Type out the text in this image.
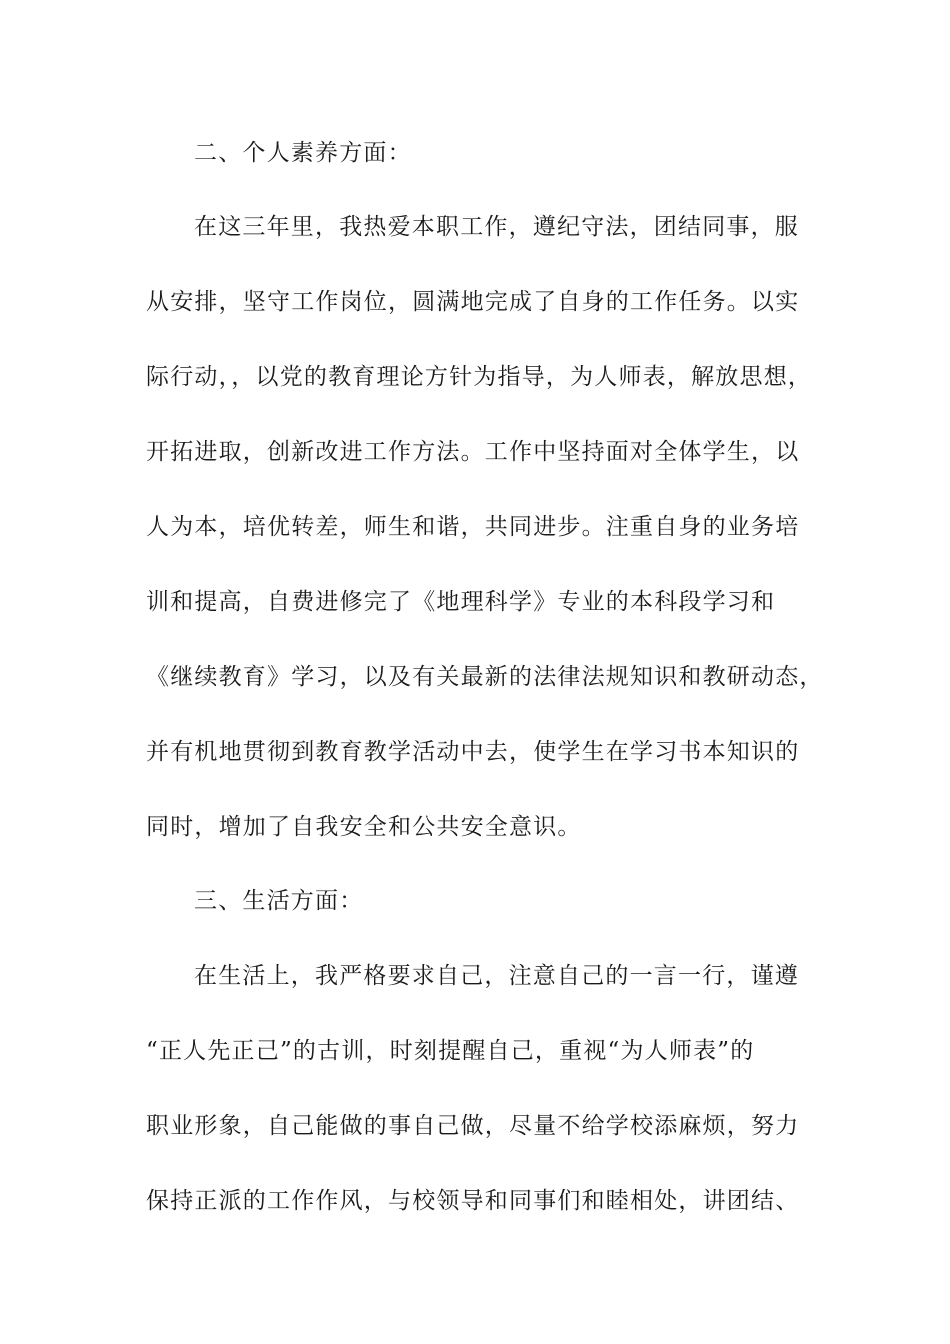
二、个人素养方面：

在这三年里，我热爱本职工作，遵纪守法，团结同事，服

从安排，坚守工作岗位，圆满地完成了自身的工作任务。以实

际行动，，以党的教育理论方针为指导，为人师表，解放思想，

开拓进取，创新改进工作方法。工作中坚持面对全体学生，以

人为本，培优转差，师生和谐，共同进步。注重自身的业务培

训和提高，自费进修完了《地理科学》专业的本科段学习和

《继续教育》学习，以及有关最新的法律法规知识和教研动态，

并有机地贯彻到教育教学活动中去，使学生在学习书本知识的

同时，增加了自我安全和公共安全意识。

三、生活方面：

在生活上，我严格要求自己，注意自己的一言一行，谨遵

“正人先正己”的古训，时刻提醒自己，重视“为人师表”的

职业形象，自己能做的事自己做，尽量不给学校添麻烦，努力

保持正派的工作作风，与校领导和同事们和睦相处，讲团结、
